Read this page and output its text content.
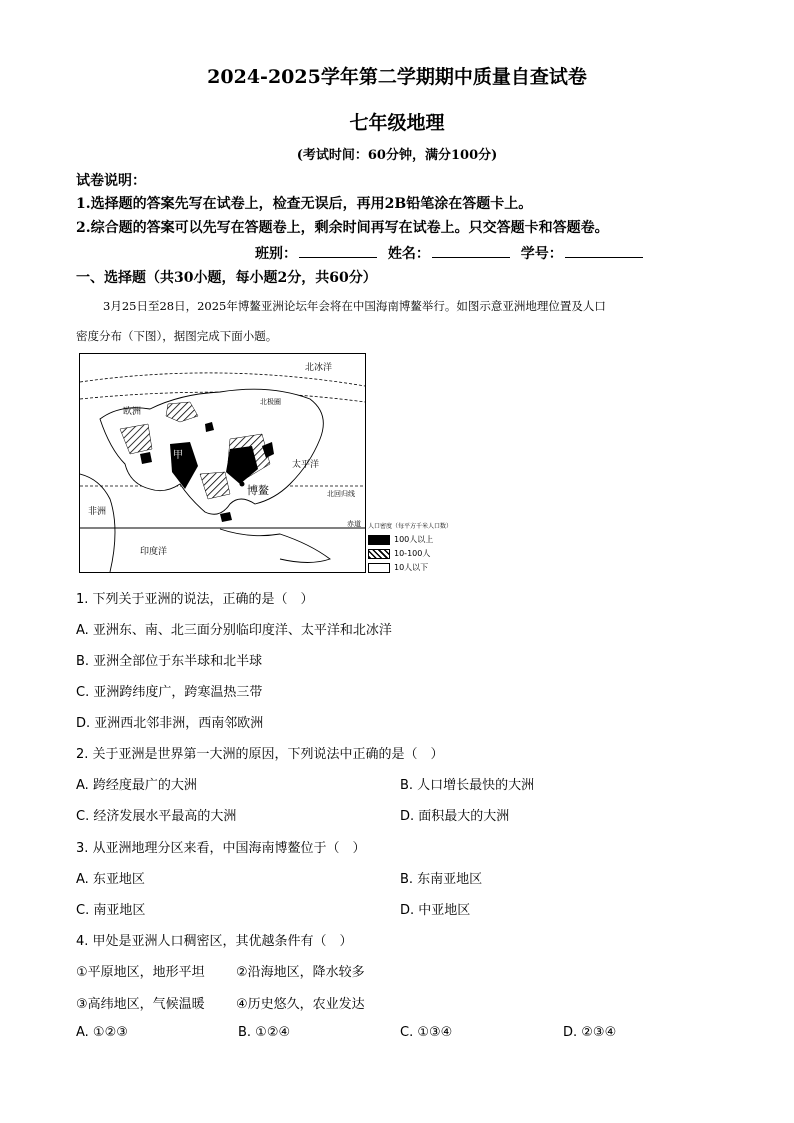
2024-2025学年第二学期期中质量自查试卷
七年级地理
(考试时间：60分钟，满分100分)
试卷说明：
1.选择题的答案先写在试卷上，检查无误后，再用2B铅笔涂在答题卡上。
2.综合题的答案可以先写在答题卷上，剩余时间再写在试卷上。只交答题卡和答题卷。
班别：	姓名：	学号：
一、选择题（共30小题，每小题2分，共60分）
3月25日至28日，2025年博鳌亚洲论坛年会将在中国海南博鳌举行。如图示意亚洲地理位置及人口
密度分布（下图），据图完成下面小题。
北冰洋
北极圈
欧洲
甲
太平洋
博鳌	北回归线
非洲
赤道
印度洋
人口密度（每平方千米人口数）
100人以上
10-100人
10人以下
1. 下列关于亚洲的说法，正确的是（　）
A. 亚洲东、南、北三面分别临印度洋、太平洋和北冰洋
B. 亚洲全部位于东半球和北半球
C. 亚洲跨纬度广，跨寒温热三带
D. 亚洲西北邻非洲，西南邻欧洲
2. 关于亚洲是世界第一大洲的原因，下列说法中正确的是（　）
A. 跨经度最广的大洲	B. 人口增长最快的大洲
C. 经济发展水平最高的大洲	D. 面积最大的大洲
3. 从亚洲地理分区来看，中国海南博鳌位于（　）
A. 东亚地区	B. 东南亚地区
C. 南亚地区	D. 中亚地区
4. 甲处是亚洲人口稠密区，其优越条件有（　）
①平原地区，地形平坦 ②沿海地区，降水较多
③高纬地区，气候温暖 ④历史悠久，农业发达
A. ①②③	B. ①②④	C. ①③④	D. ②③④
